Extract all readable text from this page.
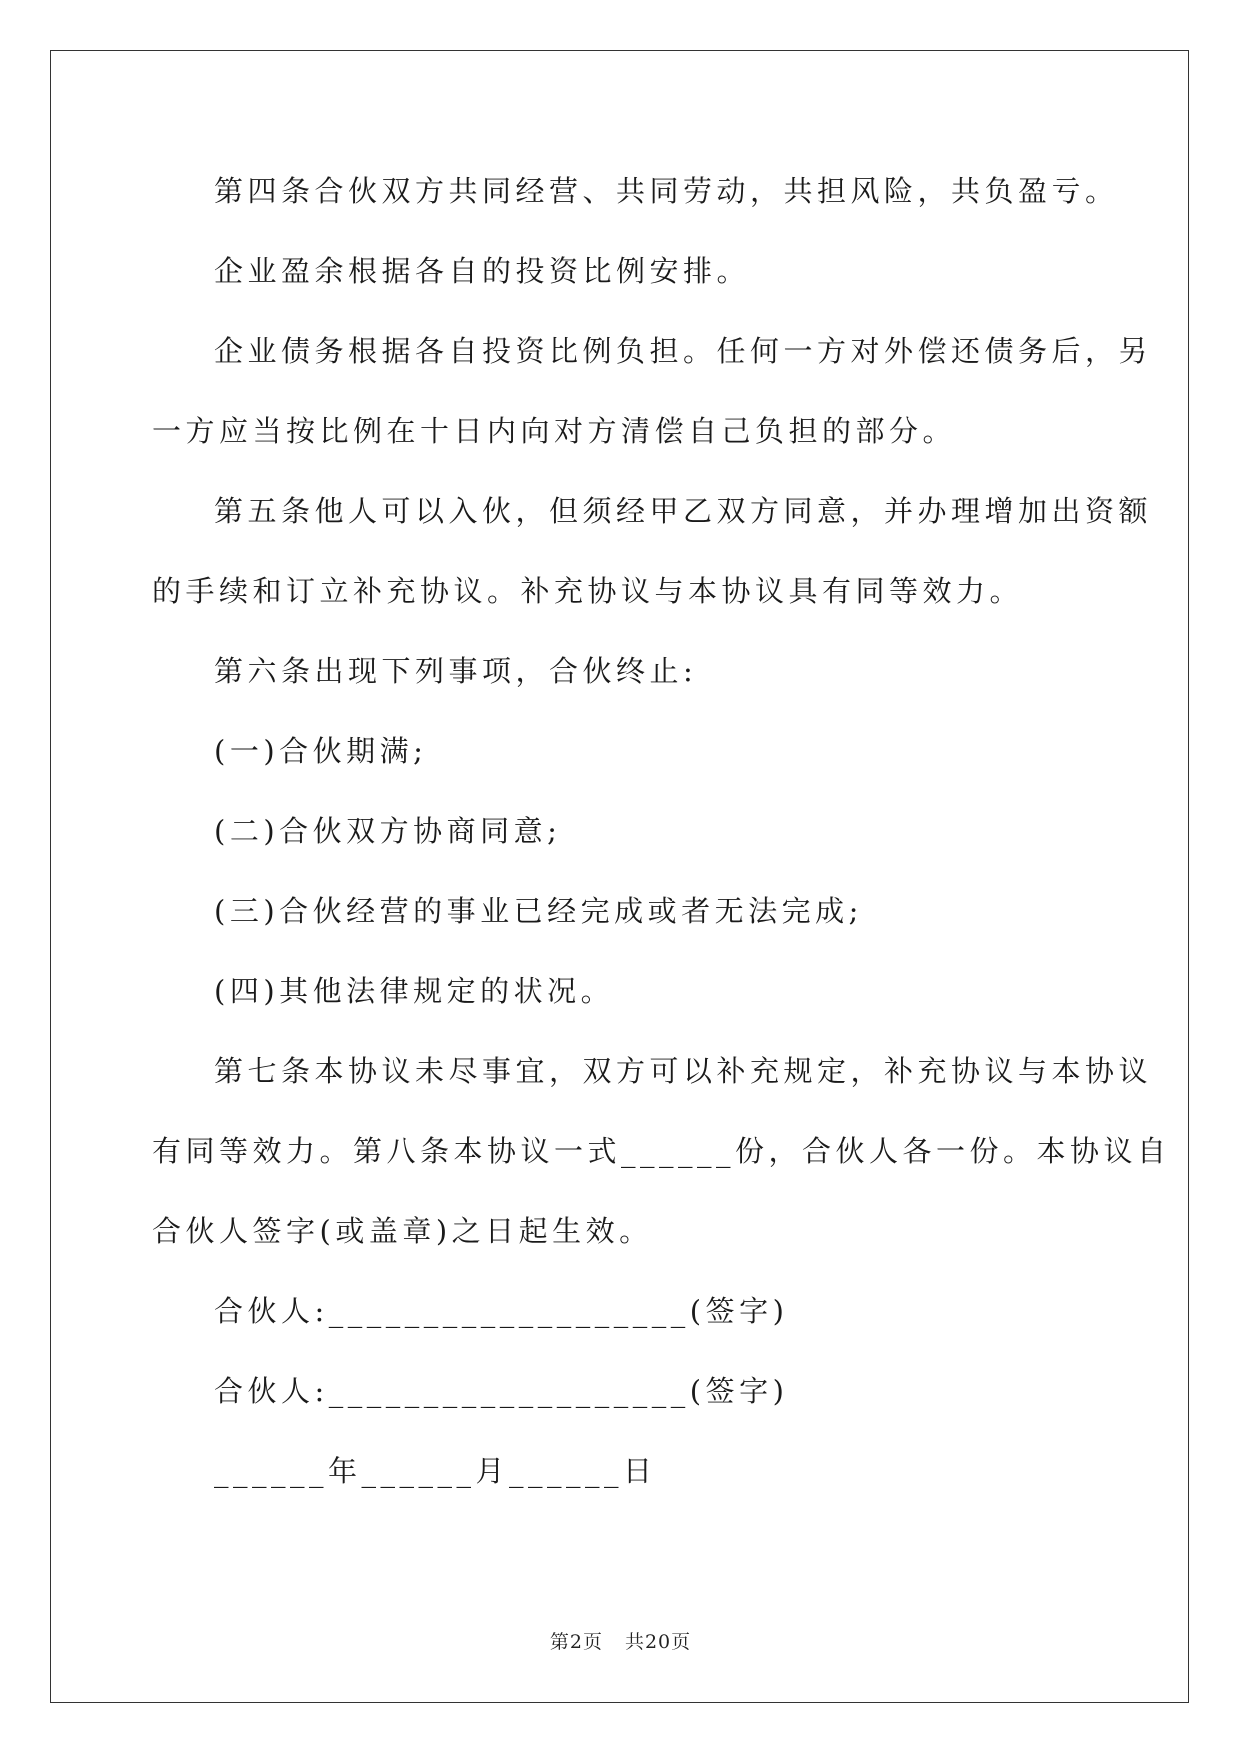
第四条合伙双方共同经营、共同劳动，共担风险，共负盈亏。
企业盈余根据各自的投资比例安排。
企业债务根据各自投资比例负担。任何一方对外偿还债务后，另
一方应当按比例在十日内向对方清偿自己负担的部分。
第五条他人可以入伙，但须经甲乙双方同意，并办理增加出资额
的手续和订立补充协议。补充协议与本协议具有同等效力。
第六条出现下列事项，合伙终止:
(一)合伙期满;
(二)合伙双方协商同意;
(三)合伙经营的事业已经完成或者无法完成;
(四)其他法律规定的状况。
第七条本协议未尽事宜，双方可以补充规定，补充协议与本协议
有同等效力。第八条本协议一式______份，合伙人各一份。本协议自
合伙人签字(或盖章)之日起生效。
合伙人:___________________(签字)
合伙人:___________________(签字)
______年______月______日
第2页 共20页
